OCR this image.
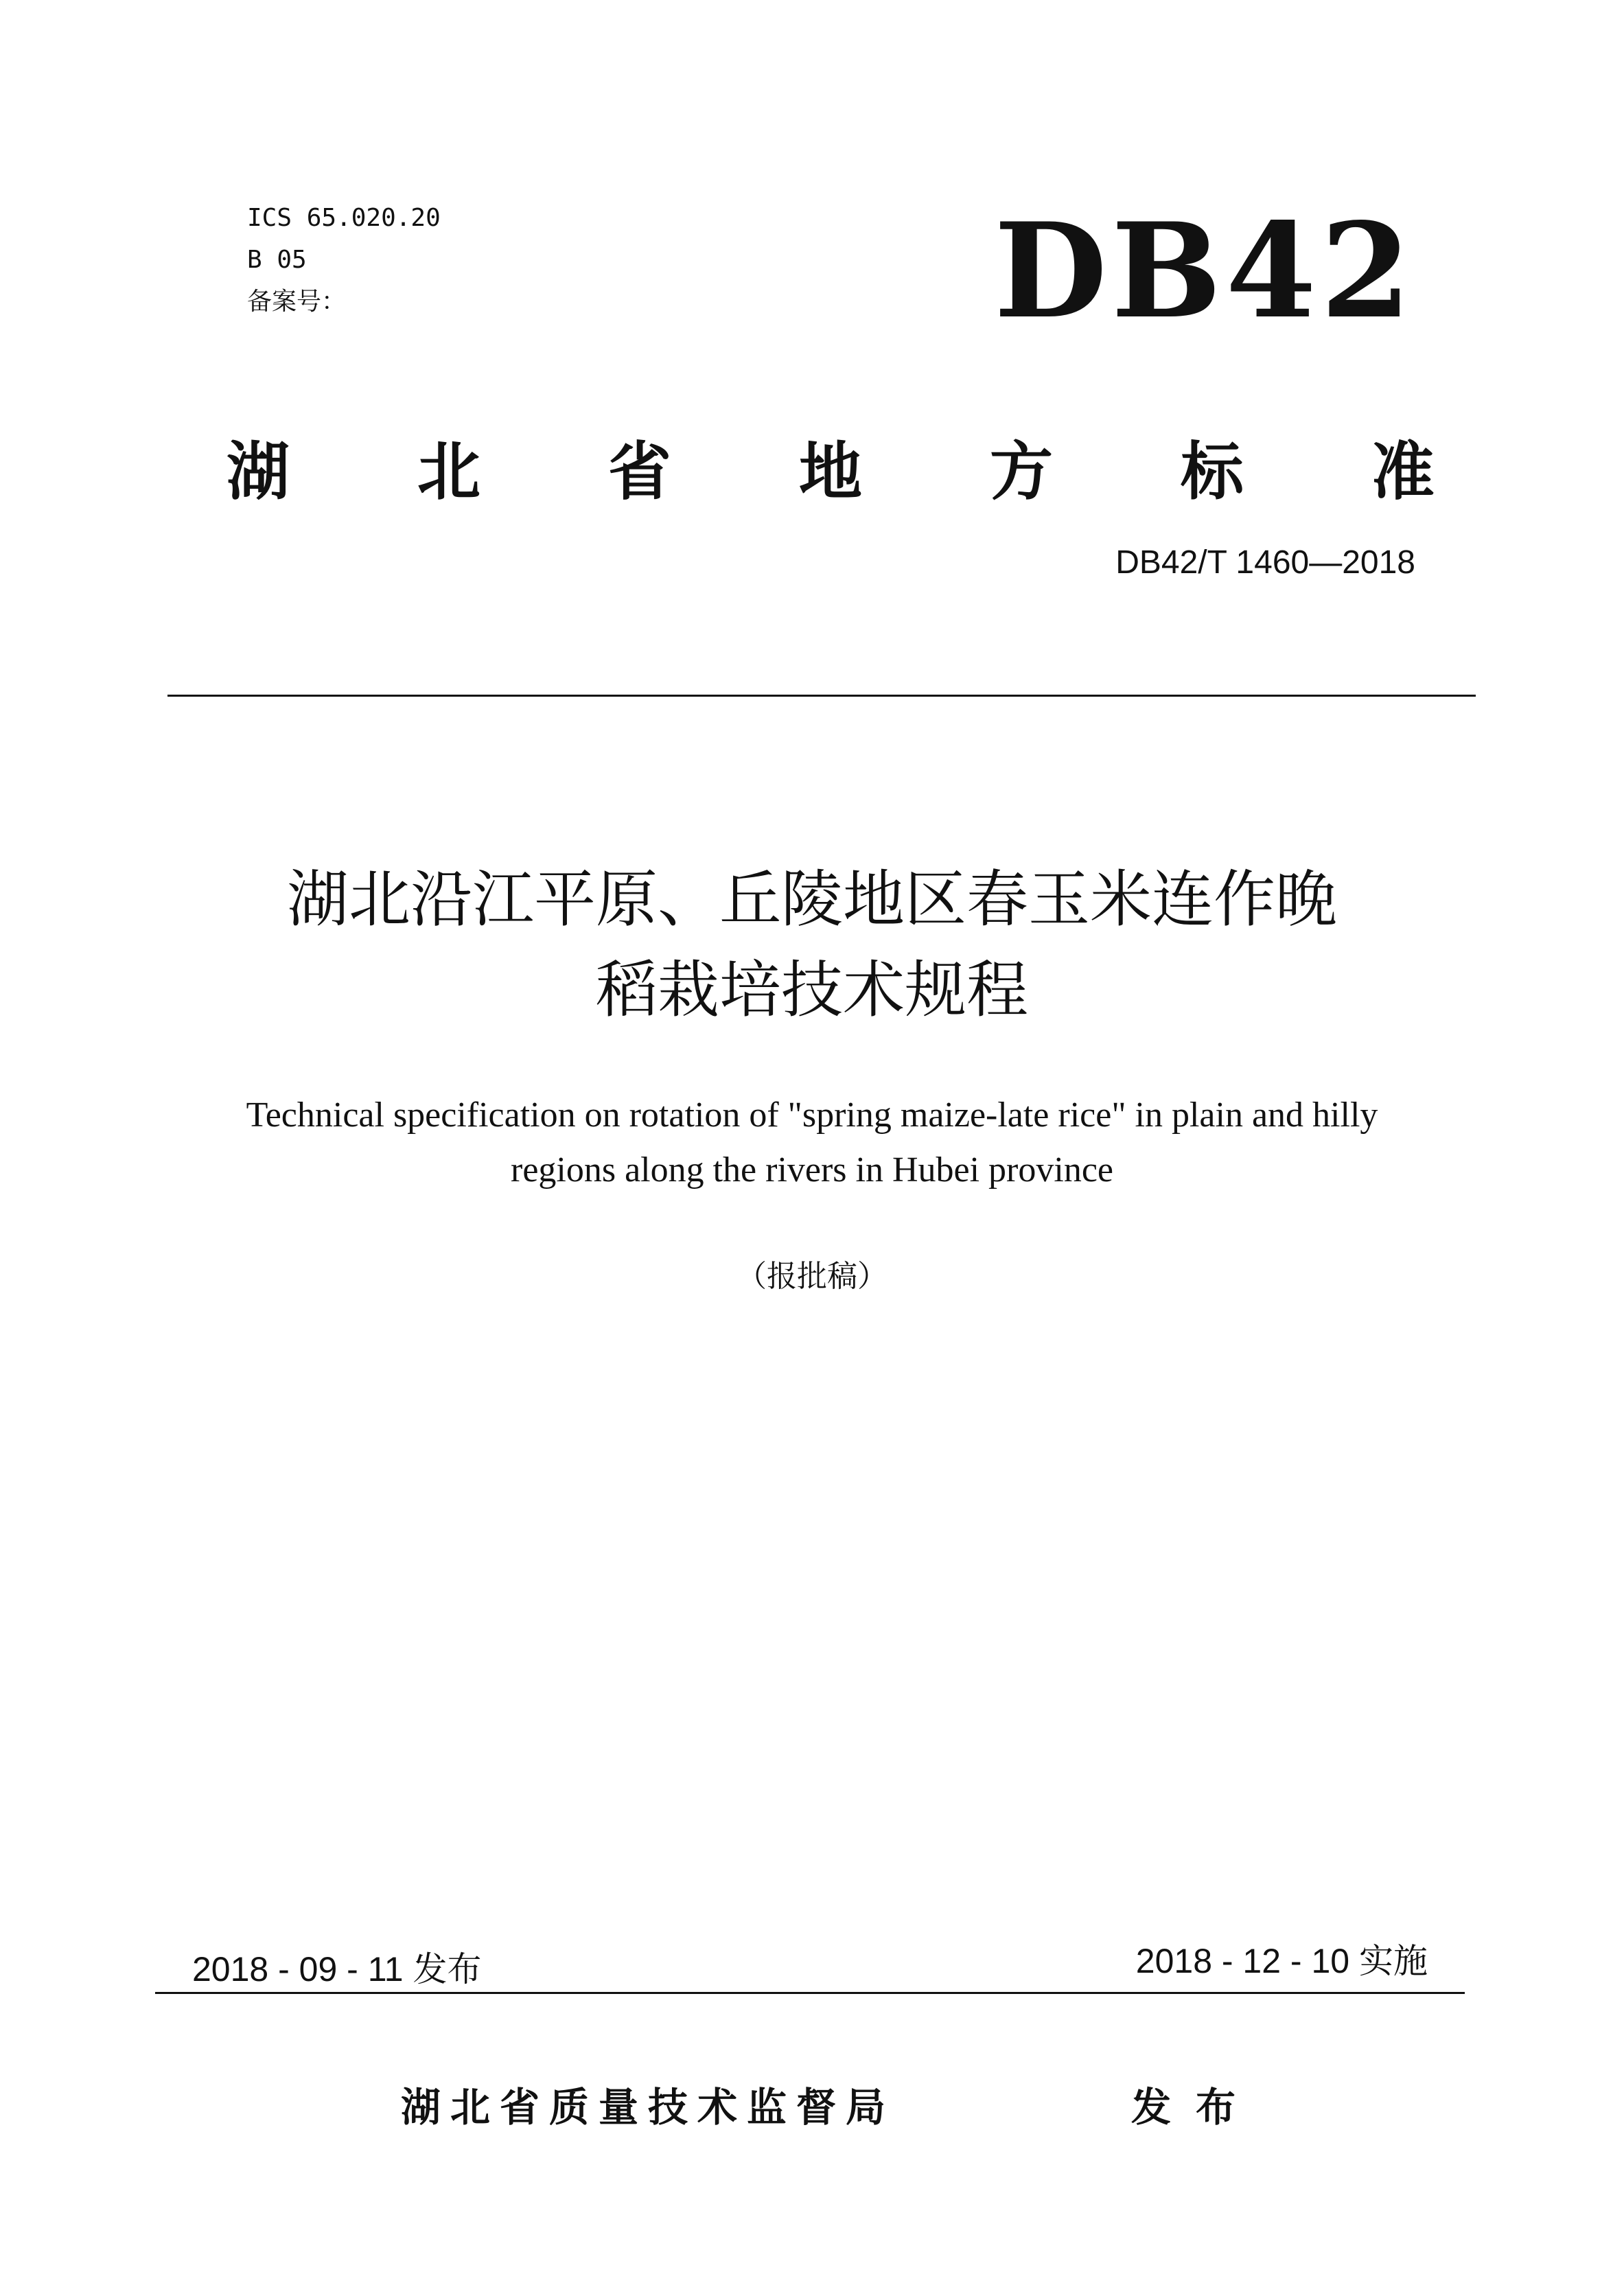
ICS 65.020.20
B 05
备案号：	DB42
湖 北 省 地 方 标 准
DB42/T 1460—2018
湖北沿江平原、丘陵地区春玉米连作晚
稻栽培技术规程
Technical specification on rotation of "spring maize-late rice" in plain and hilly
regions along the rivers in Hubei province
（报批稿）
2018 - 09 - 11 发布	2018 - 12 - 10 实施
湖北省质量技术监督局	发布
